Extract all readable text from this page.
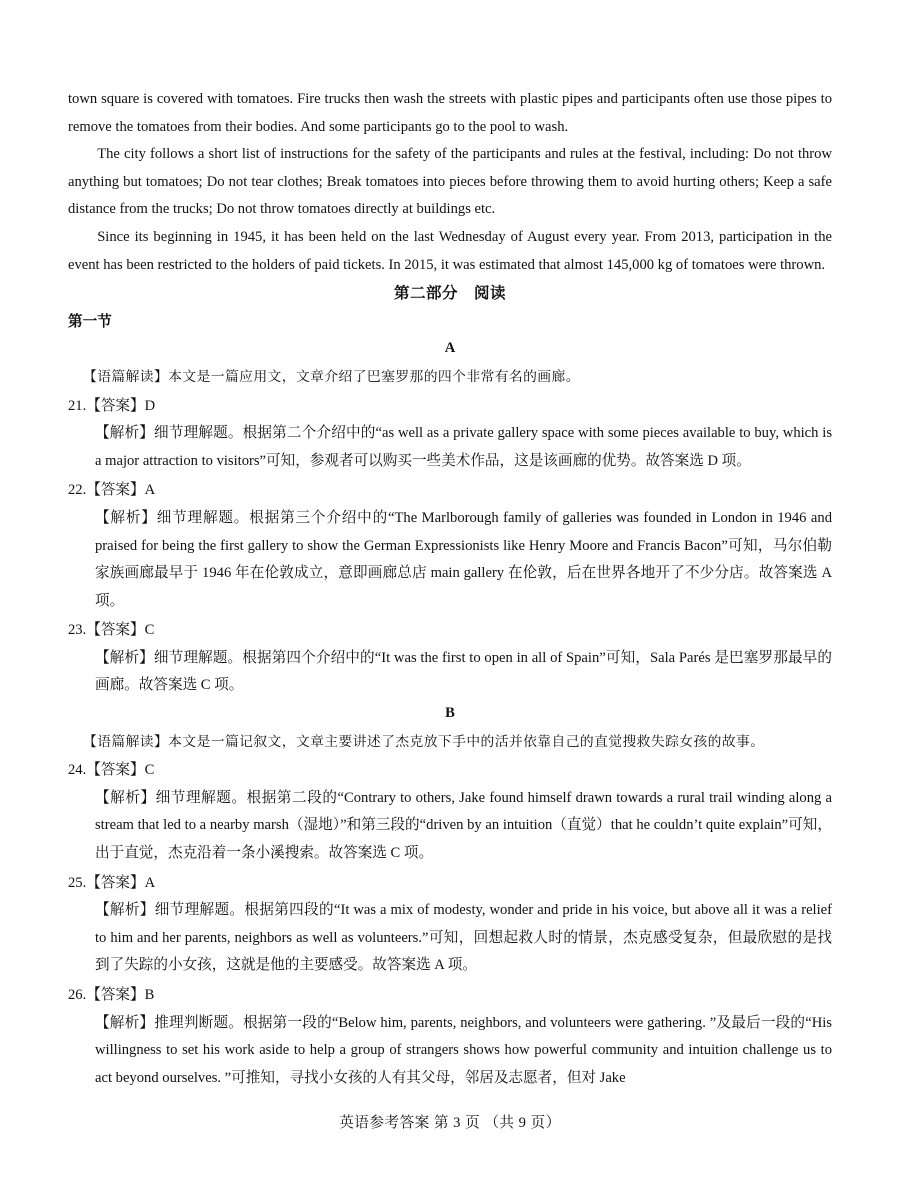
town square is covered with tomatoes. Fire trucks then wash the streets with plastic pipes and participants often use those pipes to remove the tomatoes from their bodies. And some participants go to the pool to wash.

The city follows a short list of instructions for the safety of the participants and rules at the festival, including: Do not throw anything but tomatoes; Do not tear clothes; Break tomatoes into pieces before throwing them to avoid hurting others; Keep a safe distance from the trucks; Do not throw tomatoes directly at buildings etc.

Since its beginning in 1945, it has been held on the last Wednesday of August every year. From 2013, participation in the event has been restricted to the holders of paid tickets. In 2015, it was estimated that almost 145,000 kg of tomatoes were thrown.

第二部分　阅读
第一节
A

【语篇解读】本文是一篇应用文，文章介绍了巴塞罗那的四个非常有名的画廊。

21.【答案】D

【解析】细节理解题。根据第二个介绍中的“as well as a private gallery space with some pieces available to buy, which is a major attraction to visitors”可知，参观者可以购买一些美术作品，这是该画廊的优势。故答案选 D 项。

22.【答案】A

【解析】细节理解题。根据第三个介绍中的“The Marlborough family of galleries was founded in London in 1946 and praised for being the first gallery to show the German Expressionists like Henry Moore and Francis Bacon”可知，马尔伯勒家族画廊最早于 1946 年在伦敦成立，意即画廊总店 main gallery 在伦敦，后在世界各地开了不少分店。故答案选 A 项。

23.【答案】C

【解析】细节理解题。根据第四个介绍中的“It was the first to open in all of Spain”可知，Sala Parés 是巴塞罗那最早的画廊。故答案选 C 项。

B

【语篇解读】本文是一篇记叙文，文章主要讲述了杰克放下手中的活并依靠自己的直觉搜救失踪女孩的故事。

24.【答案】C

【解析】细节理解题。根据第二段的“Contrary to others, Jake found himself drawn towards a rural trail winding along a stream that led to a nearby marsh（湿地）”和第三段的“driven by an intuition（直觉）that he couldn’t quite explain”可知，出于直觉，杰克沿着一条小溪搜索。故答案选 C 项。

25.【答案】A

【解析】细节理解题。根据第四段的“It was a mix of modesty, wonder and pride in his voice, but above all it was a relief to him and her parents, neighbors as well as volunteers.”可知，回想起救人时的情景，杰克感受复杂，但最欣慰的是找到了失踪的小女孩，这就是他的主要感受。故答案选 A 项。

26.【答案】B

【解析】推理判断题。根据第一段的“Below him, parents, neighbors, and volunteers were gathering. ”及最后一段的“His willingness to set his work aside to help a group of strangers shows how powerful community and intuition challenge us to act beyond ourselves. ”可推知，寻找小女孩的人有其父母，邻居及志愿者，但对 Jake

英语参考答案 第 3 页 （共 9 页）
